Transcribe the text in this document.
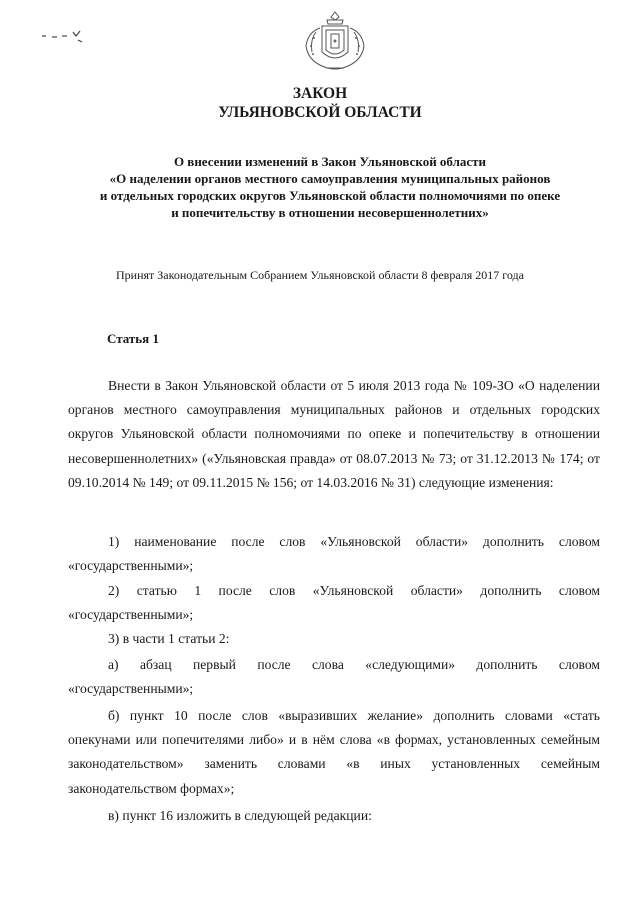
ЗАКОН
УЛЬЯНОВСКОЙ ОБЛАСТИ
О внесении изменений в Закон Ульяновской области
«О наделении органов местного самоуправления муниципальных районов
и отдельных городских округов Ульяновской области полномочиями по опеке
и попечительству в отношении несовершеннолетних»
Принят Законодательным Собранием Ульяновской области 8 февраля 2017 года
Статья 1
Внести в Закон Ульяновской области от 5 июля 2013 года № 109-ЗО «О наделении органов местного самоуправления муниципальных районов и отдельных городских округов Ульяновской области полномочиями по опеке и попечительству в отношении несовершеннолетних» («Ульяновская правда» от 08.07.2013 № 73; от 31.12.2013 № 174; от 09.10.2014 № 149; от 09.11.2015 № 156; от 14.03.2016 № 31) следующие изменения:
1) наименование после слов «Ульяновской области» дополнить словом «государственными»;
2) статью 1 после слов «Ульяновской области» дополнить словом «государственными»;
3) в части 1 статьи 2:
а) абзац первый после слова «следующими» дополнить словом «государственными»;
б) пункт 10 после слов «выразивших желание» дополнить словами «стать опекунами или попечителями либо» и в нём слова «в формах, установленных семейным законодательством» заменить словами «в иных установленных семейным законодательством формах»;
в) пункт 16 изложить в следующей редакции:
